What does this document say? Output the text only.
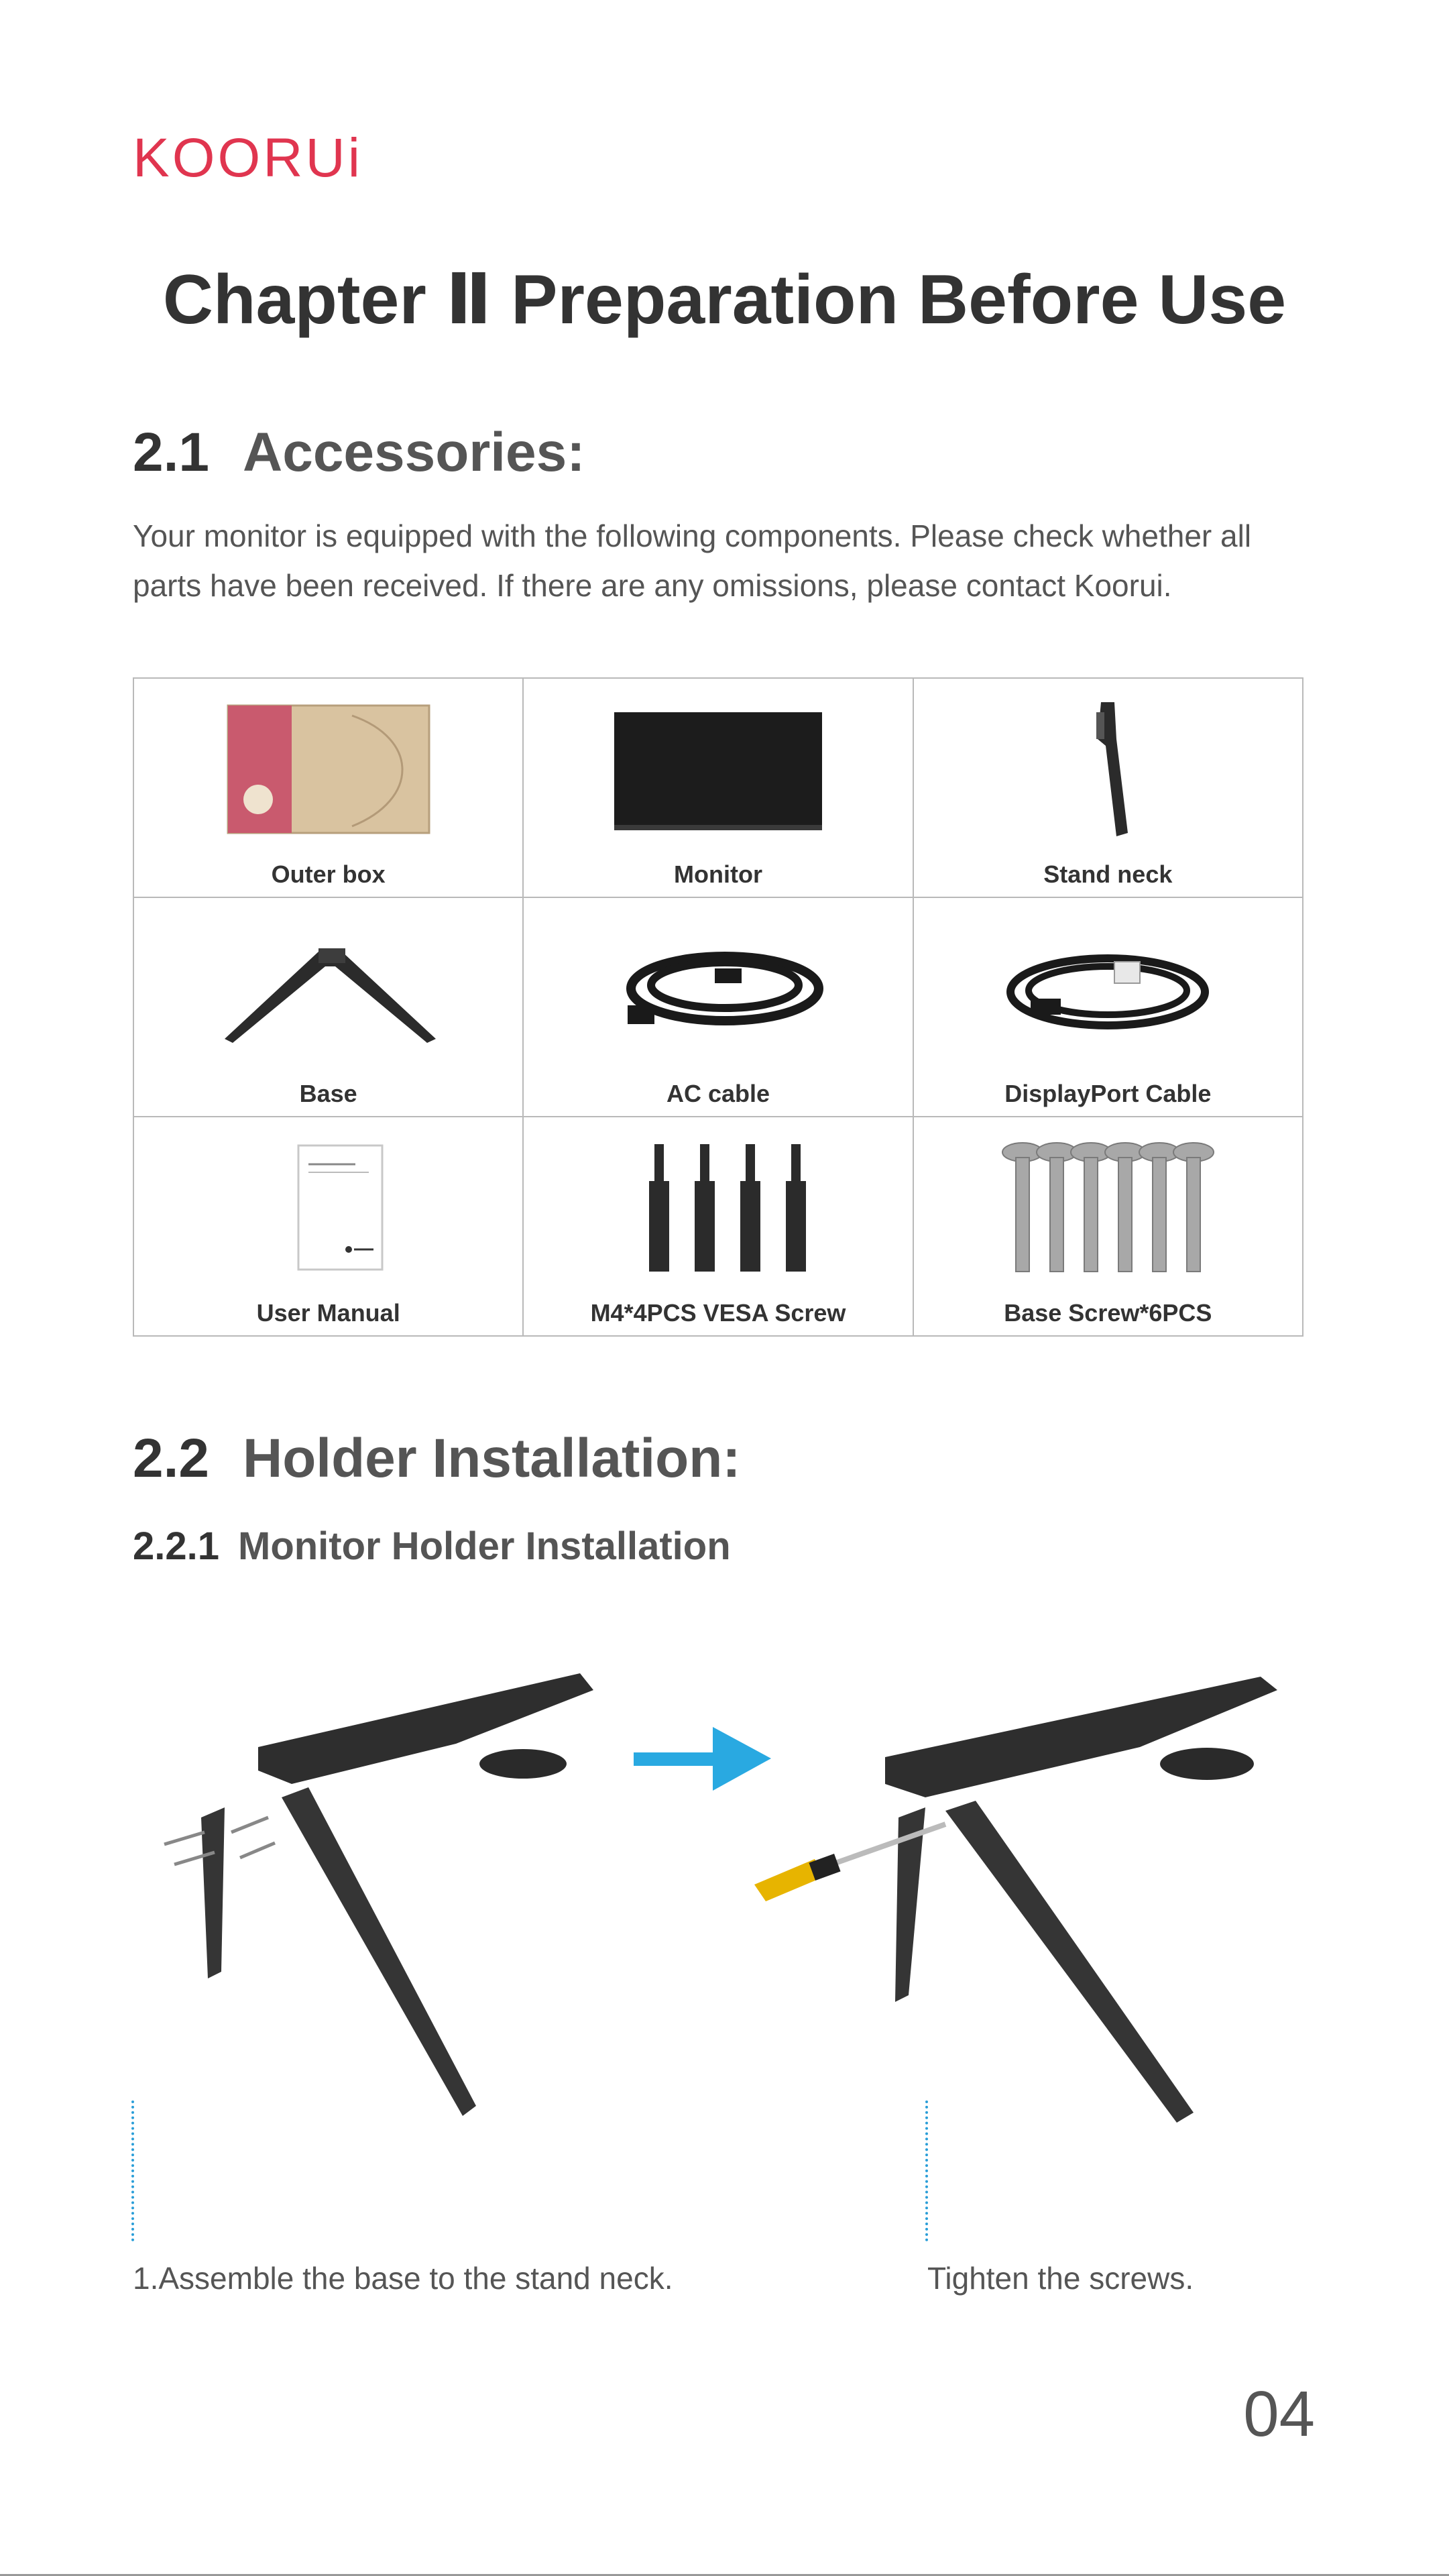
KOORUi
Chapter Ⅱ Preparation Before Use
2.1 Accessories:

Your monitor is equipped with the following components. Please check whether all parts have been received. If there are any omissions, please contact Koorui.

Outer box	Monitor	Stand neck

Base	AC cable	DisplayPort Cable

User Manual	M4*4PCS VESA Screw	Base Screw*6PCS
2.2 Holder Installation:
2.2.1 Monitor Holder Installation

1.Assemble the base to the stand neck.	Tighten the screws.

04
